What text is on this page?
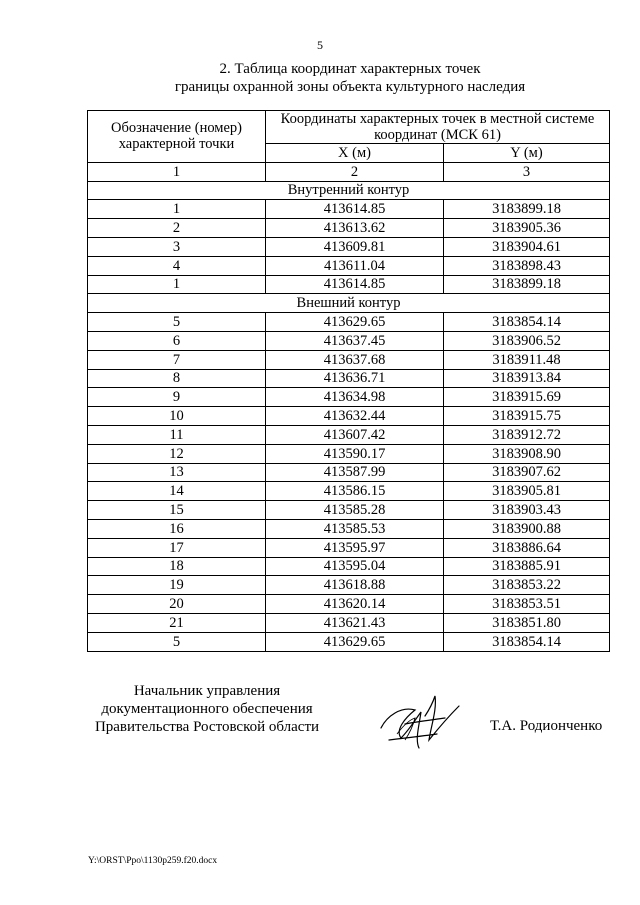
5
2. Таблица координат характерных точек
границы охранной зоны объекта культурного наследия
Обозначение (номер) характерной точки	Координаты характерных точек в местной системе координат (МСК 61)	
	X (м)	Y (м)
1	2	3
Внутренний контур		
1	413614.85	3183899.18
2	413613.62	3183905.36
3	413609.81	3183904.61
4	413611.04	3183898.43
1	413614.85	3183899.18
Внешний контур		
5	413629.65	3183854.14
6	413637.45	3183906.52
7	413637.68	3183911.48
8	413636.71	3183913.84
9	413634.98	3183915.69
10	413632.44	3183915.75
11	413607.42	3183912.72
12	413590.17	3183908.90
13	413587.99	3183907.62
14	413586.15	3183905.81
15	413585.28	3183903.43
16	413585.53	3183900.88
17	413595.97	3183886.64
18	413595.04	3183885.91
19	413618.88	3183853.22
20	413620.14	3183853.51
21	413621.43	3183851.80
5	413629.65	3183854.14
Начальник управления
документационного обеспечения
Правительства Ростовской области	Т.А. Родионченко
Y:\ORST\Ppo\1130p259.f20.docx
